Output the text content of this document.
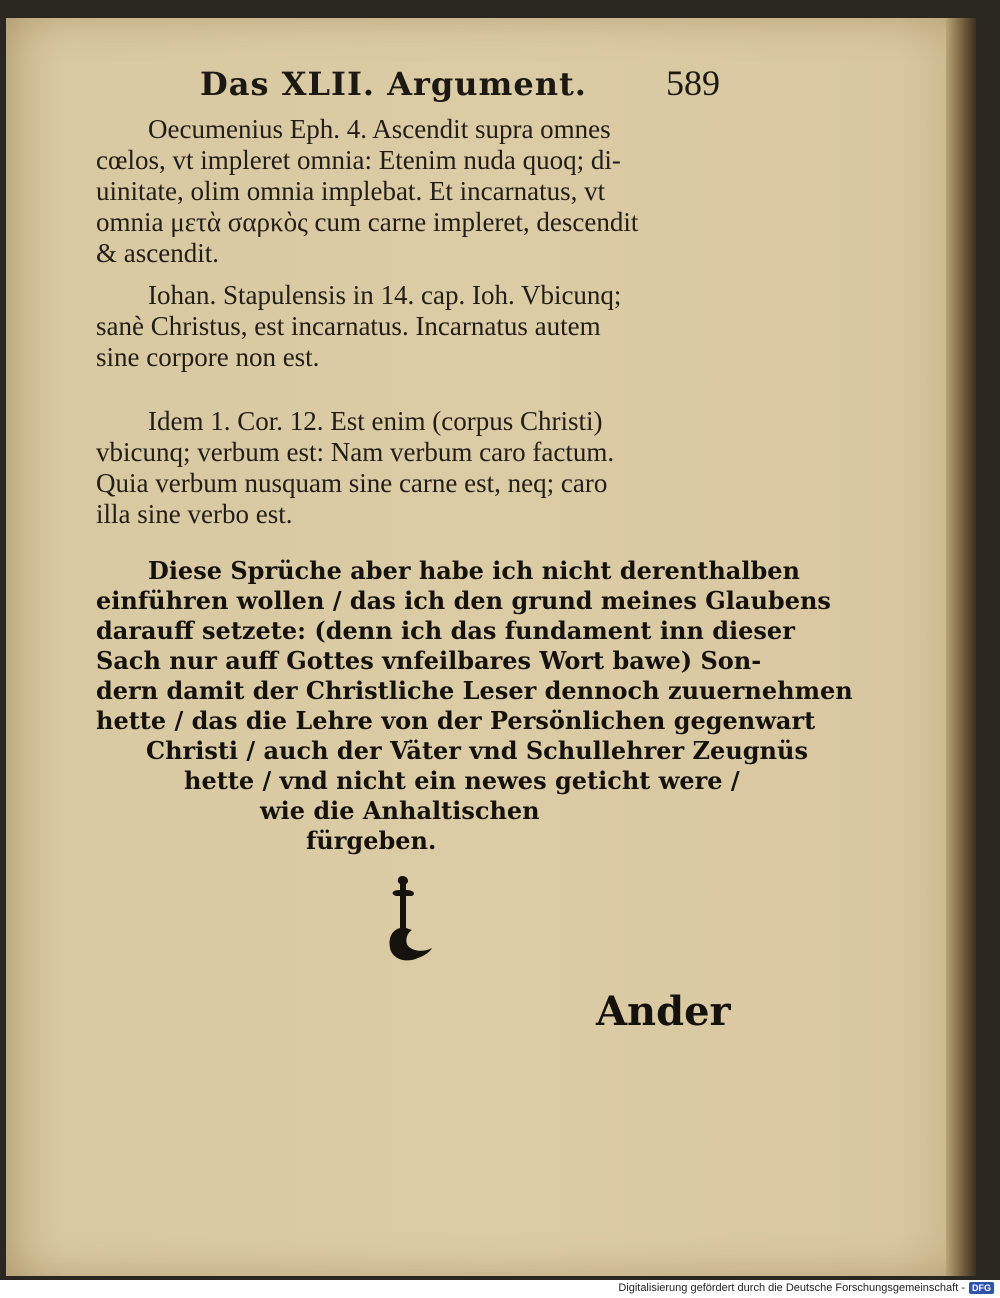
Das XLII. Argument. 589

Oecumenius Eph. 4. Ascendit supra omnes
cœlos, vt impleret omnia: Etenim nuda quoq; di-
uinitate, olim omnia implebat. Et incarnatus, vt
omnia μετὰ σαρκὸς cum carne impleret, descendit
& ascendit.

Iohan. Stapulensis in 14. cap. Ioh. Vbicunq;
sanè Christus, est incarnatus. Incarnatus autem
sine corpore non est.

Idem 1. Cor. 12. Est enim (corpus Christi)
vbicunq; verbum est: Nam verbum caro factum.
Quia verbum nusquam sine carne est, neq; caro
illa sine verbo est.

Diese Sprüche aber habe ich nicht derenthalben
einführen wollen / das ich den grund meines Glaubens
darauff setzete: (denn ich das fundament inn dieser
Sach nur auff Gottes vnfeilbares Wort bawe) Son-
dern damit der Christliche Leser dennoch zuuernehmen
hette / das die Lehre von der Persönlichen gegenwart
Christi / auch der Väter vnd Schullehrer Zeugnüs
hette / vnd nicht ein newes geticht were /
wie die Anhaltischen
fürgeben.

Ander
Digitalisierung gefördert durch die Deutsche Forschungsgemeinschaft - DFG
